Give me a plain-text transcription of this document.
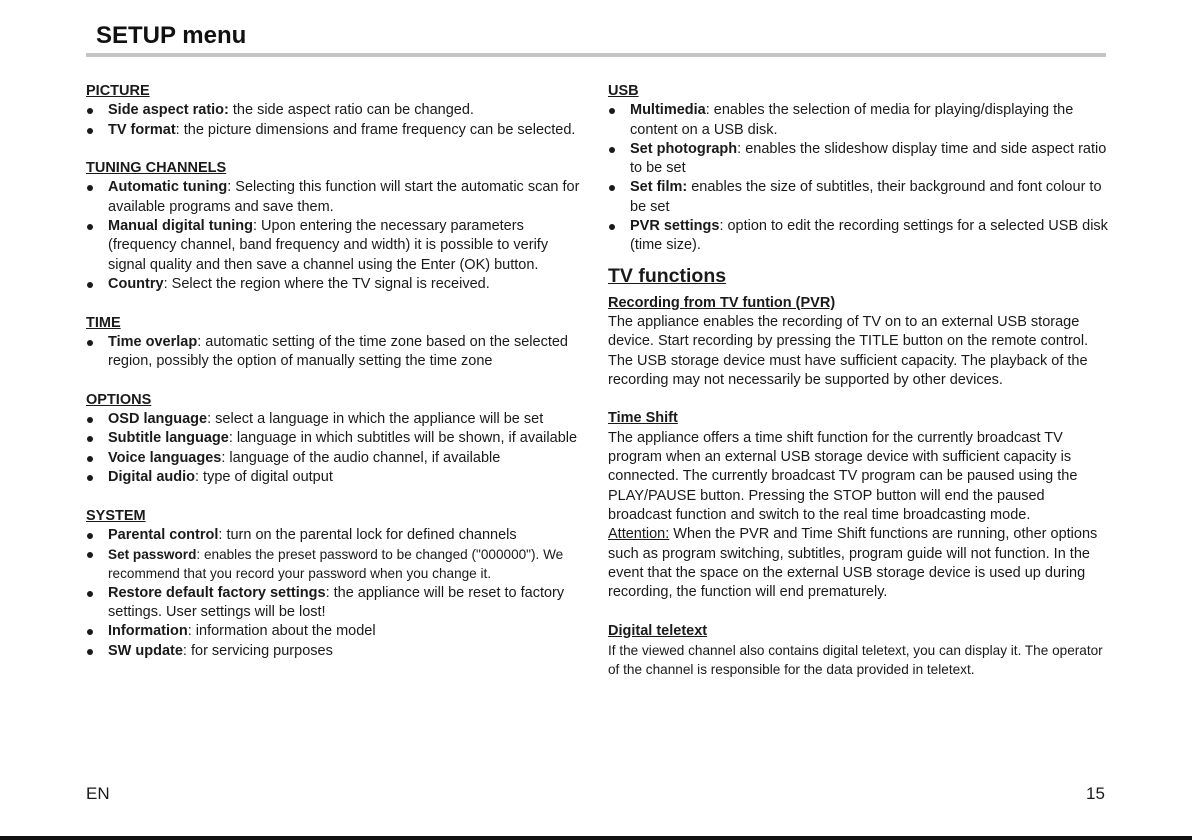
SETUP menu
PICTURE
Side aspect ratio: the side aspect ratio can be changed.
TV format: the picture dimensions and frame frequency can be selected.
TUNING CHANNELS
Automatic tuning: Selecting this function will start the automatic scan for available programs and save them.
Manual digital tuning: Upon entering the necessary parameters (frequency channel, band frequency and width) it is possible to verify signal quality and then save a channel using the Enter (OK) button.
Country: Select the region where the TV signal is received.
TIME
Time overlap: automatic setting of the time zone based on the selected region, possibly the option of manually setting the time zone
OPTIONS
OSD language: select a language in which the appliance will be set
Subtitle language: language in which subtitles will be shown, if available
Voice languages: language of the audio channel, if available
Digital audio: type of digital output
SYSTEM
Parental control: turn on the parental lock for defined channels
Set password: enables the preset password to be changed ("000000"). We recommend that you record your password when you change it.
Restore default factory settings: the appliance will be reset to factory settings. User settings will be lost!
Information: information about the model
SW update: for servicing purposes
USB
Multimedia: enables the selection of media for playing/displaying the content on a USB disk.
Set photograph: enables the slideshow display time and side aspect ratio to be set
Set film: enables the size of subtitles, their background and font colour to be set
PVR settings: option to edit the recording settings for a selected USB disk (time size).
TV functions
Recording from TV funtion (PVR)

The appliance enables the recording of TV on to an external USB storage device. Start recording by pressing the TITLE button on the remote control. The USB storage device must have sufficient capacity. The playback of the recording may not necessarily be supported by other devices.

Time Shift

The appliance offers a time shift function for the currently broadcast TV program when an external USB storage device with sufficient capacity is connected. The currently broadcast TV program can be paused using the PLAY/PAUSE button. Pressing the STOP button will end the paused broadcast function and switch to the real time broadcasting mode.

Attention: When the PVR and Time Shift functions are running, other options such as program switching, subtitles, program guide will not function. In the event that the space on the external USB storage device is used up during recording, the function will end prematurely.

Digital teletext

If the viewed channel also contains digital teletext, you can display it. The operator of the channel is responsible for the data provided in teletext.

EN	15
